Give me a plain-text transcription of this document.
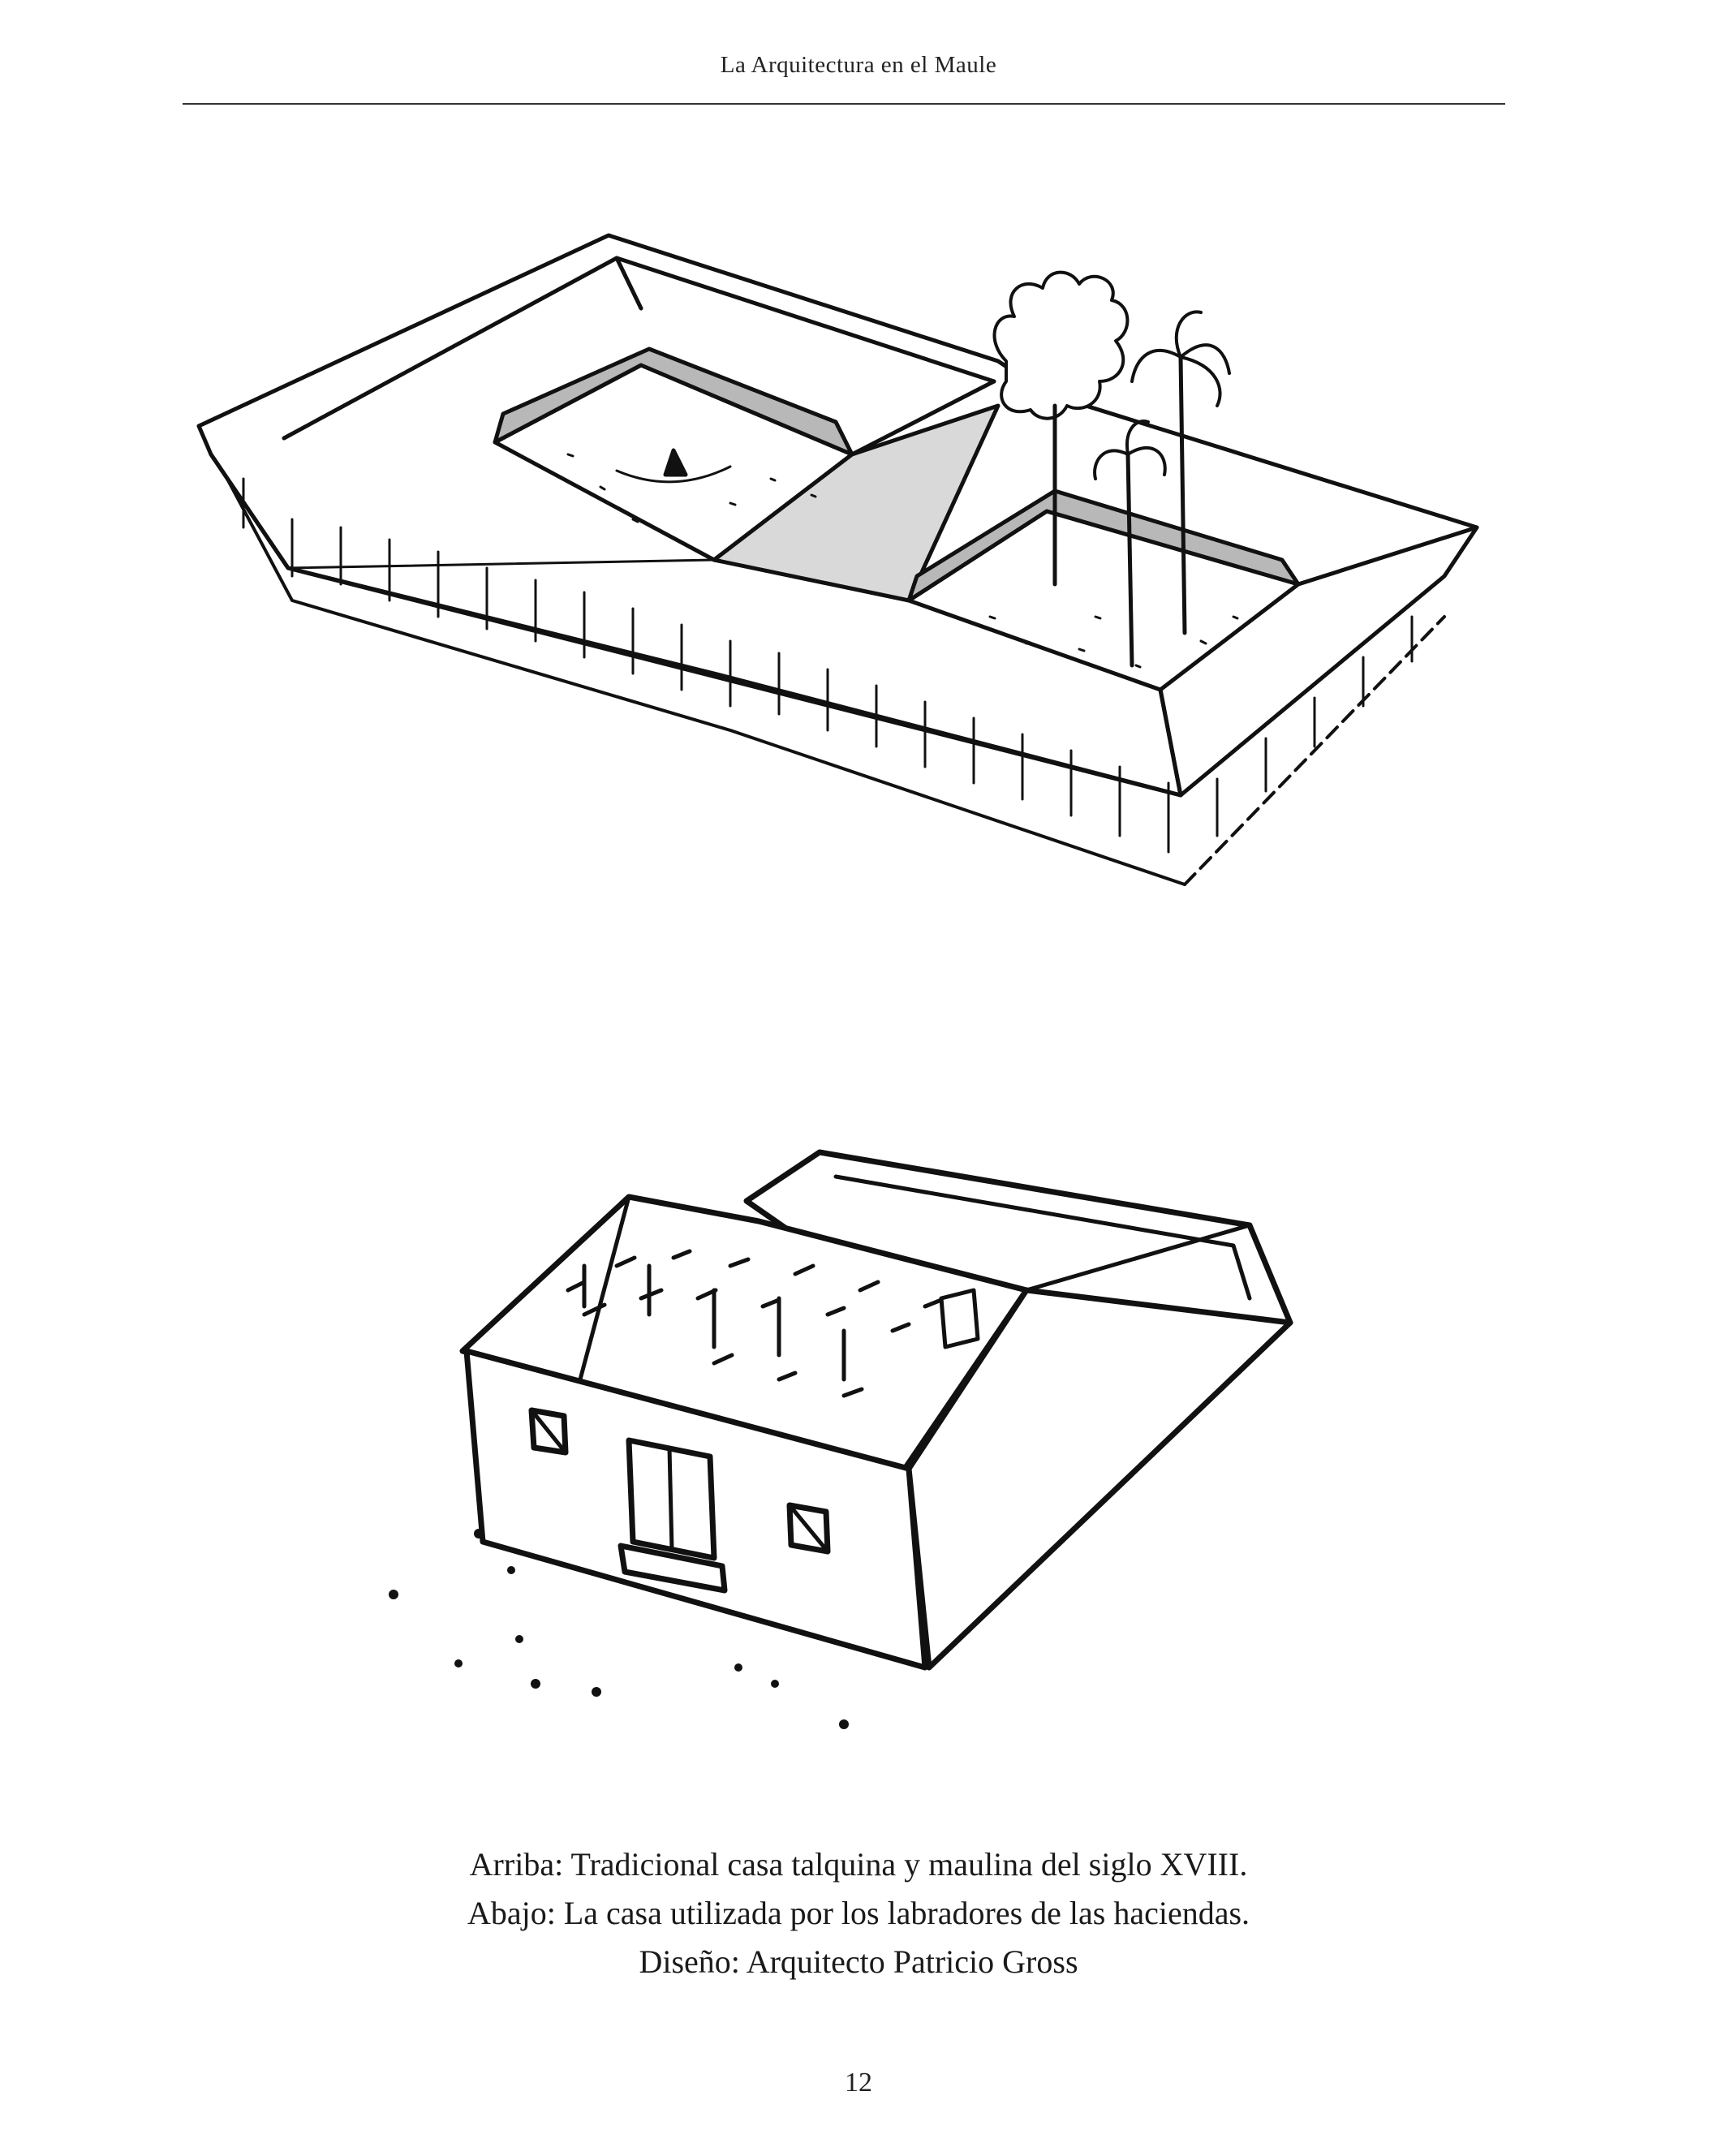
La Arquitectura en el Maule
Arriba: Tradicional casa talquina y maulina del siglo XVIII.
Abajo: La casa utilizada por los labradores de las haciendas.
Diseño: Arquitecto Patricio Gross
12
